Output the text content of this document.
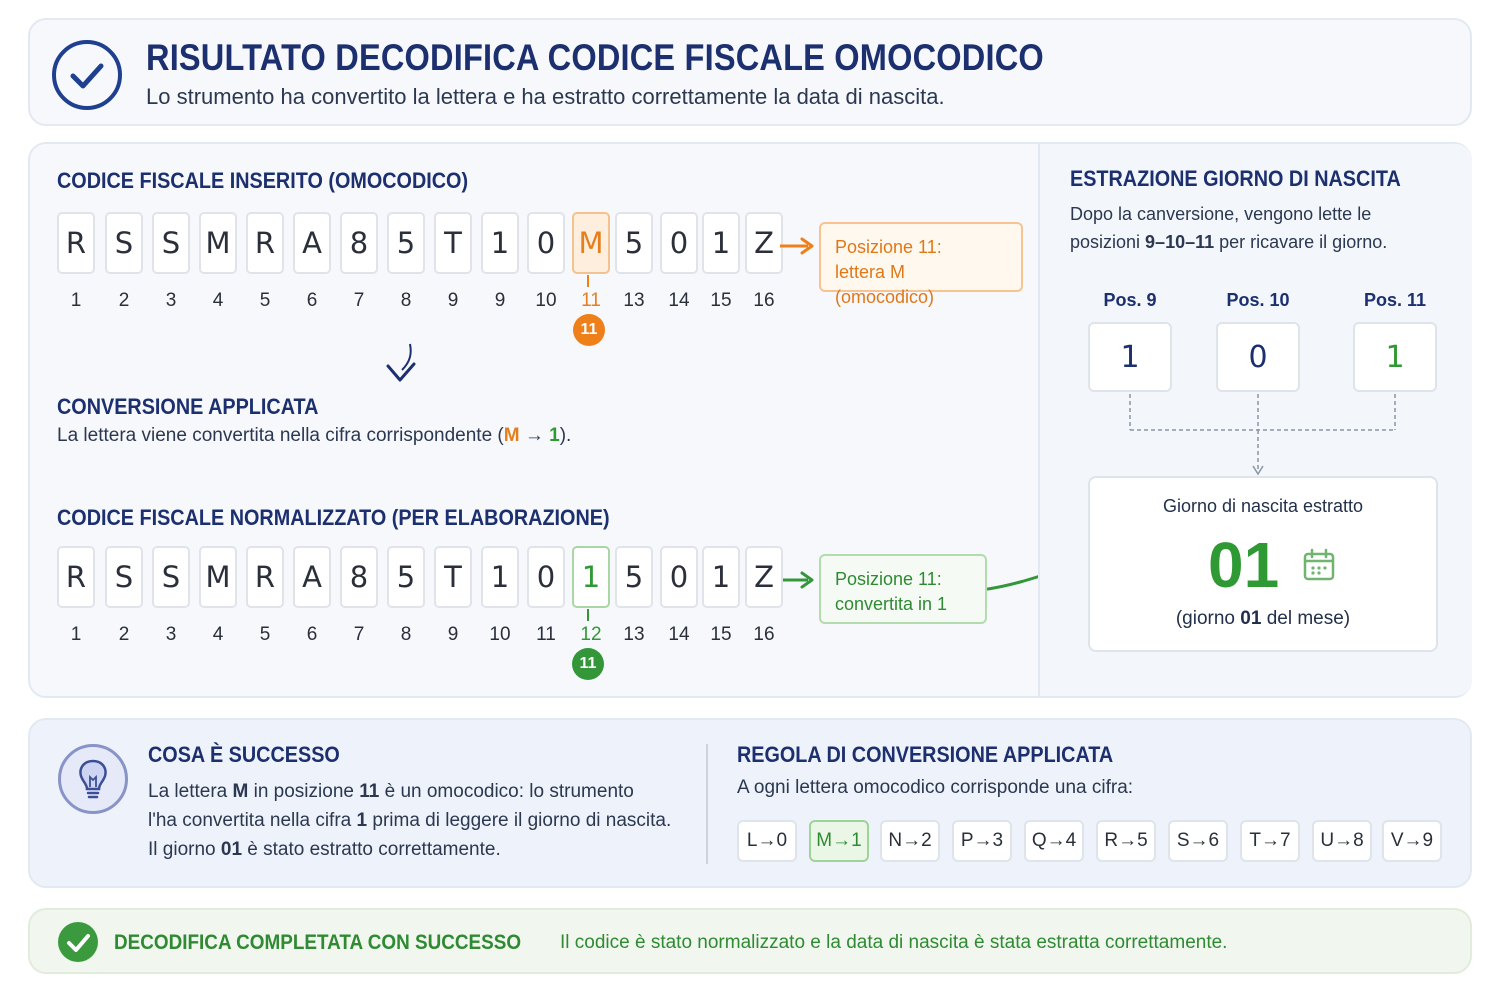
RISULTATO DECODIFICA CODICE FISCALE OMOCODICO
Lo strumento ha convertito la lettera e ha estratto correttamente la data di nascita.
CODICE FISCALE INSERITO (OMOCODICO)
R S S M R A 8 5 T 1 0 M 5 0 1 Z
1	2	3	4	5	6	7	8	9	9	10	11	13	14	15	16
11
Posizione 11:
lettera M (omocodico)
CONVERSIONE APPLICATA
La lettera viene convertita nella cifra corrispondente (M → 1).
CODICE FISCALE NORMALIZZATO (PER ELABORAZIONE)
R S S M R A 8 5 T 1 0 1 5 0 1 Z
1	2	3	4	5	6	7	8	9	10	11	12	13	14	15	16
11
Posizione 11:
convertita in 1
ESTRAZIONE GIORNO DI NASCITA
Dopo la canversione, vengono lette le
posizioni 9–10–11 per ricavare il giorno.
Pos. 9	Pos. 10	Pos. 11
1	0	1
Giorno di nascita estratto
01
(giorno 01 del mese)
COSA È SUCCESSO
La lettera M in posizione 11 è un omocodico: lo strumento
l'ha convertita nella cifra 1 prima di leggere il giorno di nascita.
Il giorno 01 è stato estratto correttamente.
REGOLA DI CONVERSIONE APPLICATA
A ogni lettera omocodico corrisponde una cifra:
L→0	M→1	N→2	P→3	Q→4	R→5	S→6	T→7	U→8	V→9
DECODIFICA COMPLETATA CON SUCCESSO Il codice è stato normalizzato e la data di nascita è stata estratta correttamente.
